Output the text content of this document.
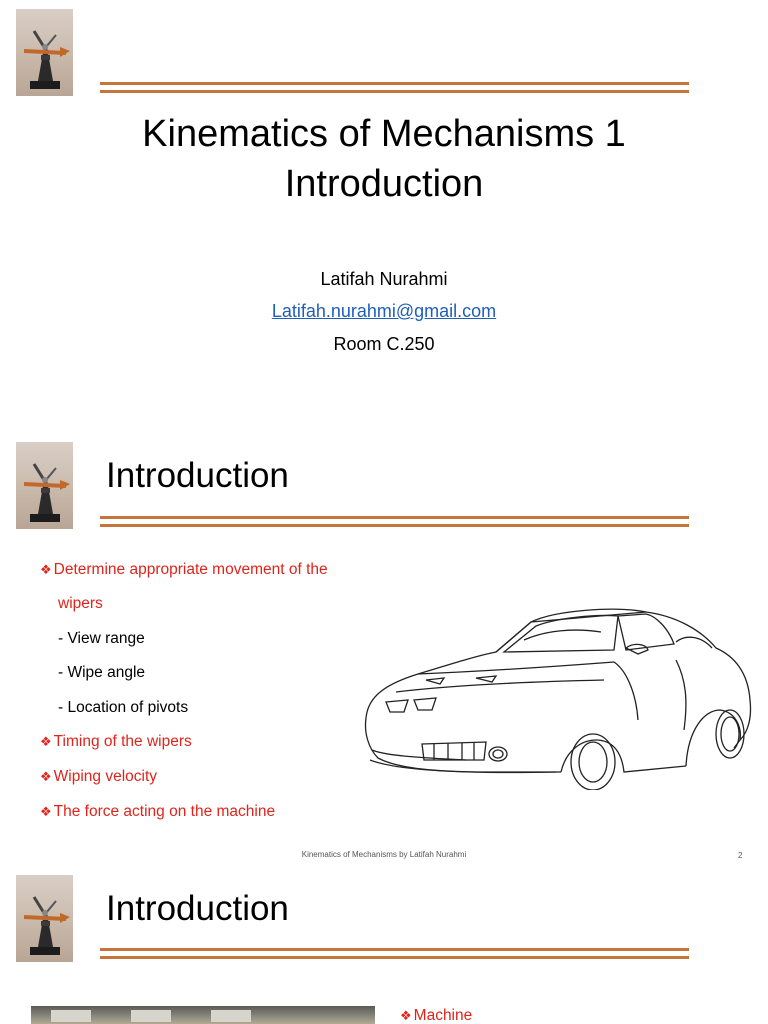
Kinematics of Mechanisms 1
Introduction
Latifah Nurahmi
Latifah.nurahmi@gmail.com
Room C.250
Introduction
❖ Determine appropriate movement of the
wipers
- View range
- Wipe angle
- Location of pivots
❖ Timing of the wipers
❖ Wiping velocity
❖ The force acting on the machine
Kinematics of Mechanisms by Latifah Nurahmi	2
Introduction
❖ Machine
